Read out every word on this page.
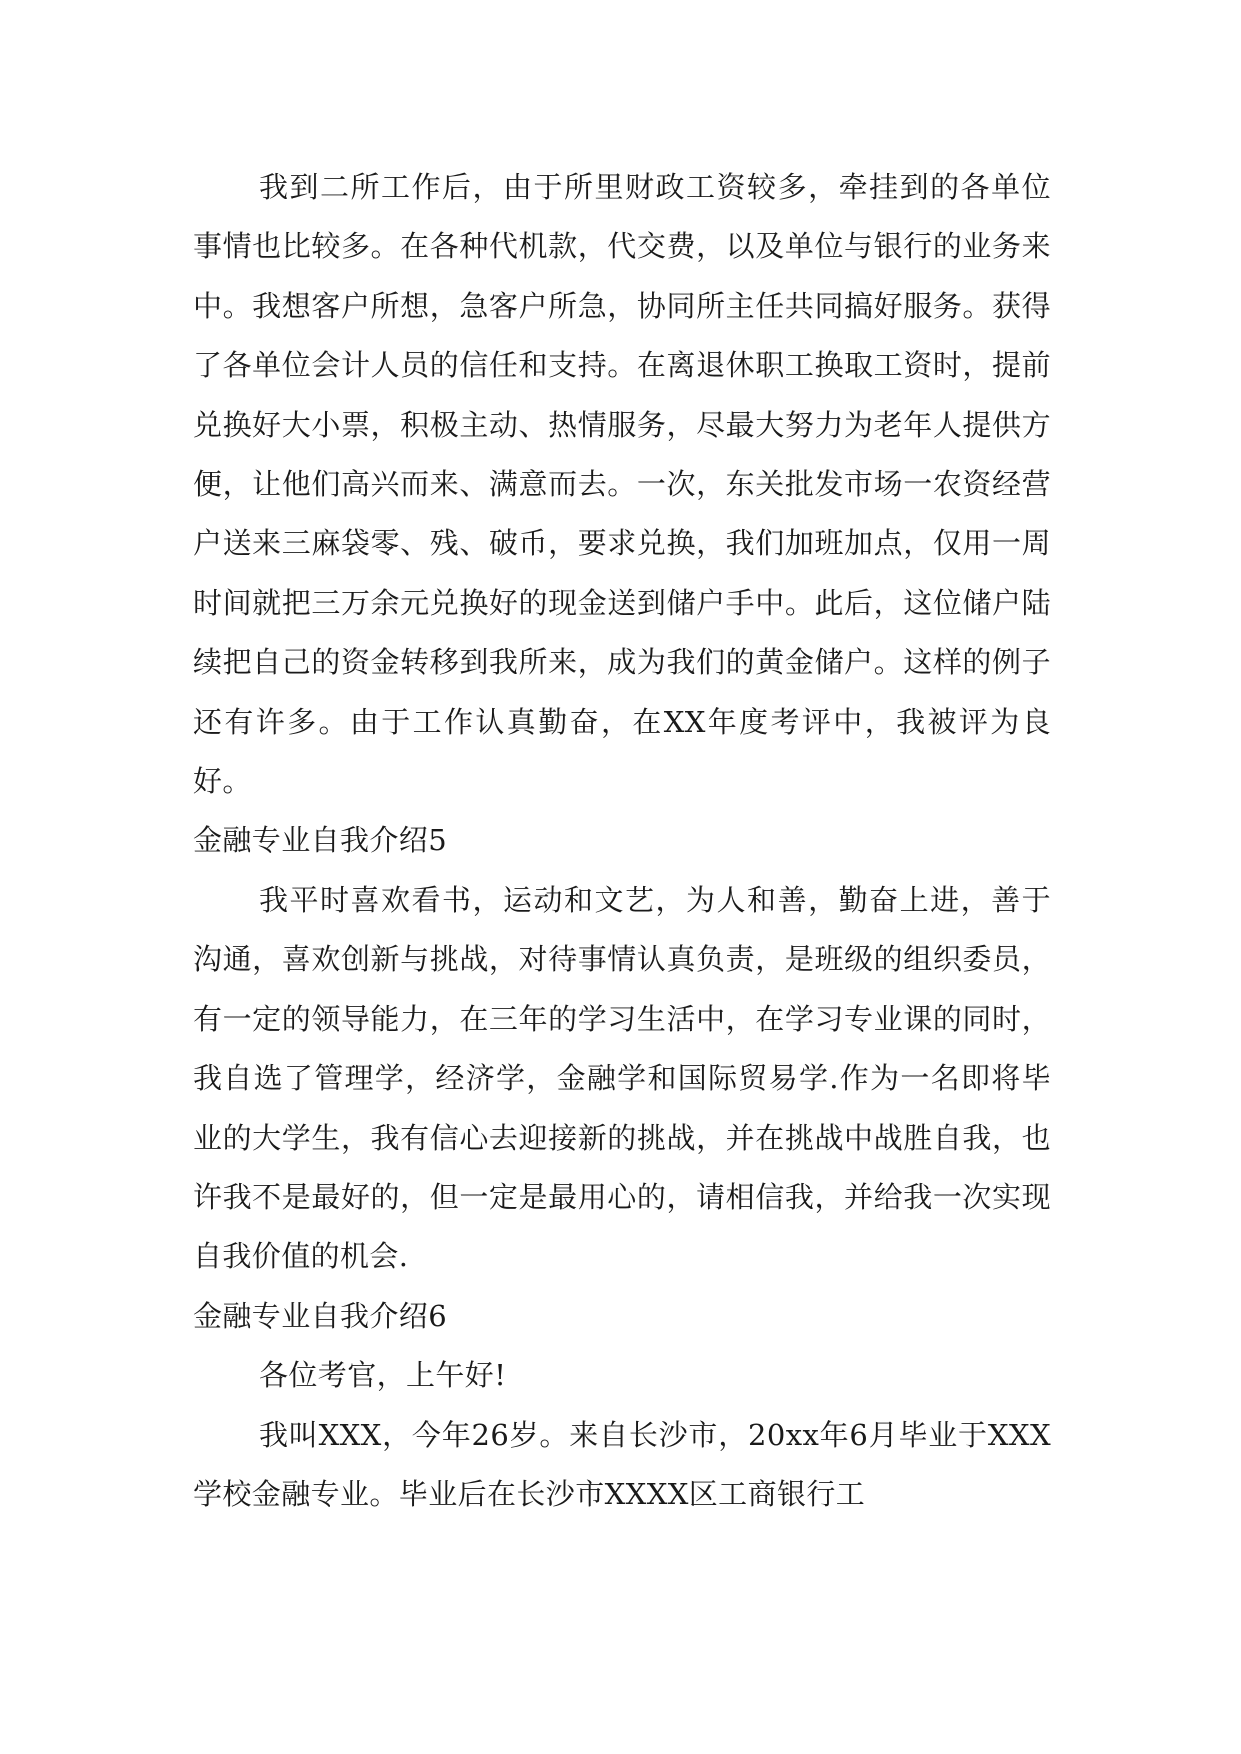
我到二所工作后，由于所里财政工资较多，牵挂到的各单位事情也比较多。在各种代机款，代交费，以及单位与银行的业务来中。我想客户所想，急客户所急，协同所主任共同搞好服务。获得了各单位会计人员的信任和支持。在离退休职工换取工资时，提前兑换好大小票，积极主动、热情服务，尽最大努力为老年人提供方便，让他们高兴而来、满意而去。一次，东关批发市场一农资经营户送来三麻袋零、残、破币，要求兑换，我们加班加点，仅用一周时间就把三万余元兑换好的现金送到储户手中。此后，这位储户陆续把自己的资金转移到我所来，成为我们的黄金储户。这样的例子还有许多。由于工作认真勤奋，在XX年度考评中，我被评为良好。

金融专业自我介绍5

我平时喜欢看书，运动和文艺，为人和善，勤奋上进，善于沟通，喜欢创新与挑战，对待事情认真负责，是班级的组织委员，有一定的领导能力，在三年的学习生活中，在学习专业课的同时，我自选了管理学，经济学，金融学和国际贸易学.作为一名即将毕业的大学生，我有信心去迎接新的挑战，并在挑战中战胜自我，也许我不是最好的，但一定是最用心的，请相信我，并给我一次实现自我价值的机会.

金融专业自我介绍6

各位考官，上午好!

我叫XXX，今年26岁。来自长沙市，20xx年6月毕业于XXX学校金融专业。毕业后在长沙市XXXX区工商银行工
